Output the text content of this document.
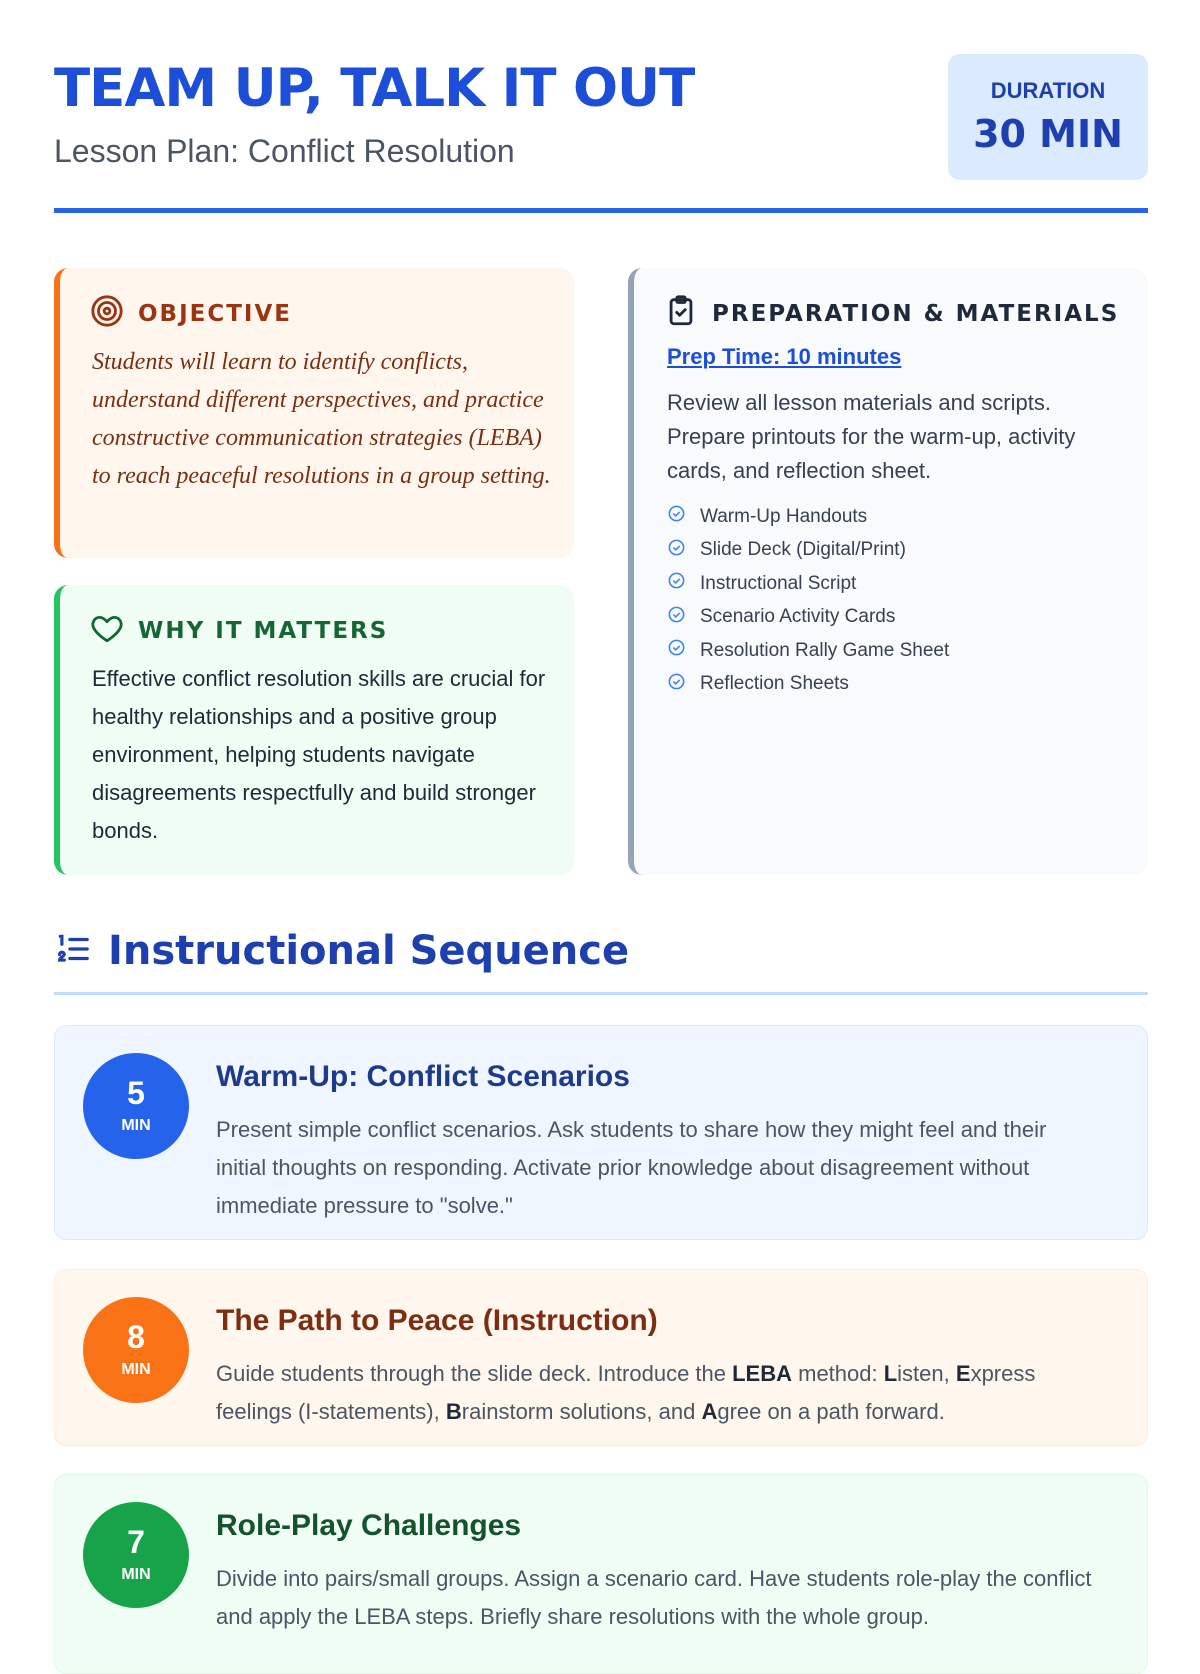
TEAM UP, TALK IT OUT
Lesson Plan: Conflict Resolution
DURATION
30 MIN
OBJECTIVE
Students will learn to identify conflicts, understand different perspectives, and practice constructive communication strategies (LEBA) to reach peaceful resolutions in a group setting.
WHY IT MATTERS
Effective conflict resolution skills are crucial for healthy relationships and a positive group environment, helping students navigate disagreements respectfully and build stronger bonds.
PREPARATION & MATERIALS
Prep Time: 10 minutes
Review all lesson materials and scripts. Prepare printouts for the warm-up, activity cards, and reflection sheet.
Warm-Up Handouts
Slide Deck (Digital/Print)
Instructional Script
Scenario Activity Cards
Resolution Rally Game Sheet
Reflection Sheets
Instructional Sequence
5
MIN
Warm-Up: Conflict Scenarios
Present simple conflict scenarios. Ask students to share how they might feel and their initial thoughts on responding. Activate prior knowledge about disagreement without immediate pressure to "solve."
8
MIN
The Path to Peace (Instruction)
Guide students through the slide deck. Introduce the LEBA method: Listen, Express feelings (I-statements), Brainstorm solutions, and Agree on a path forward.
7
MIN
Role-Play Challenges
Divide into pairs/small groups. Assign a scenario card. Have students role-play the conflict and apply the LEBA steps. Briefly share resolutions with the whole group.
